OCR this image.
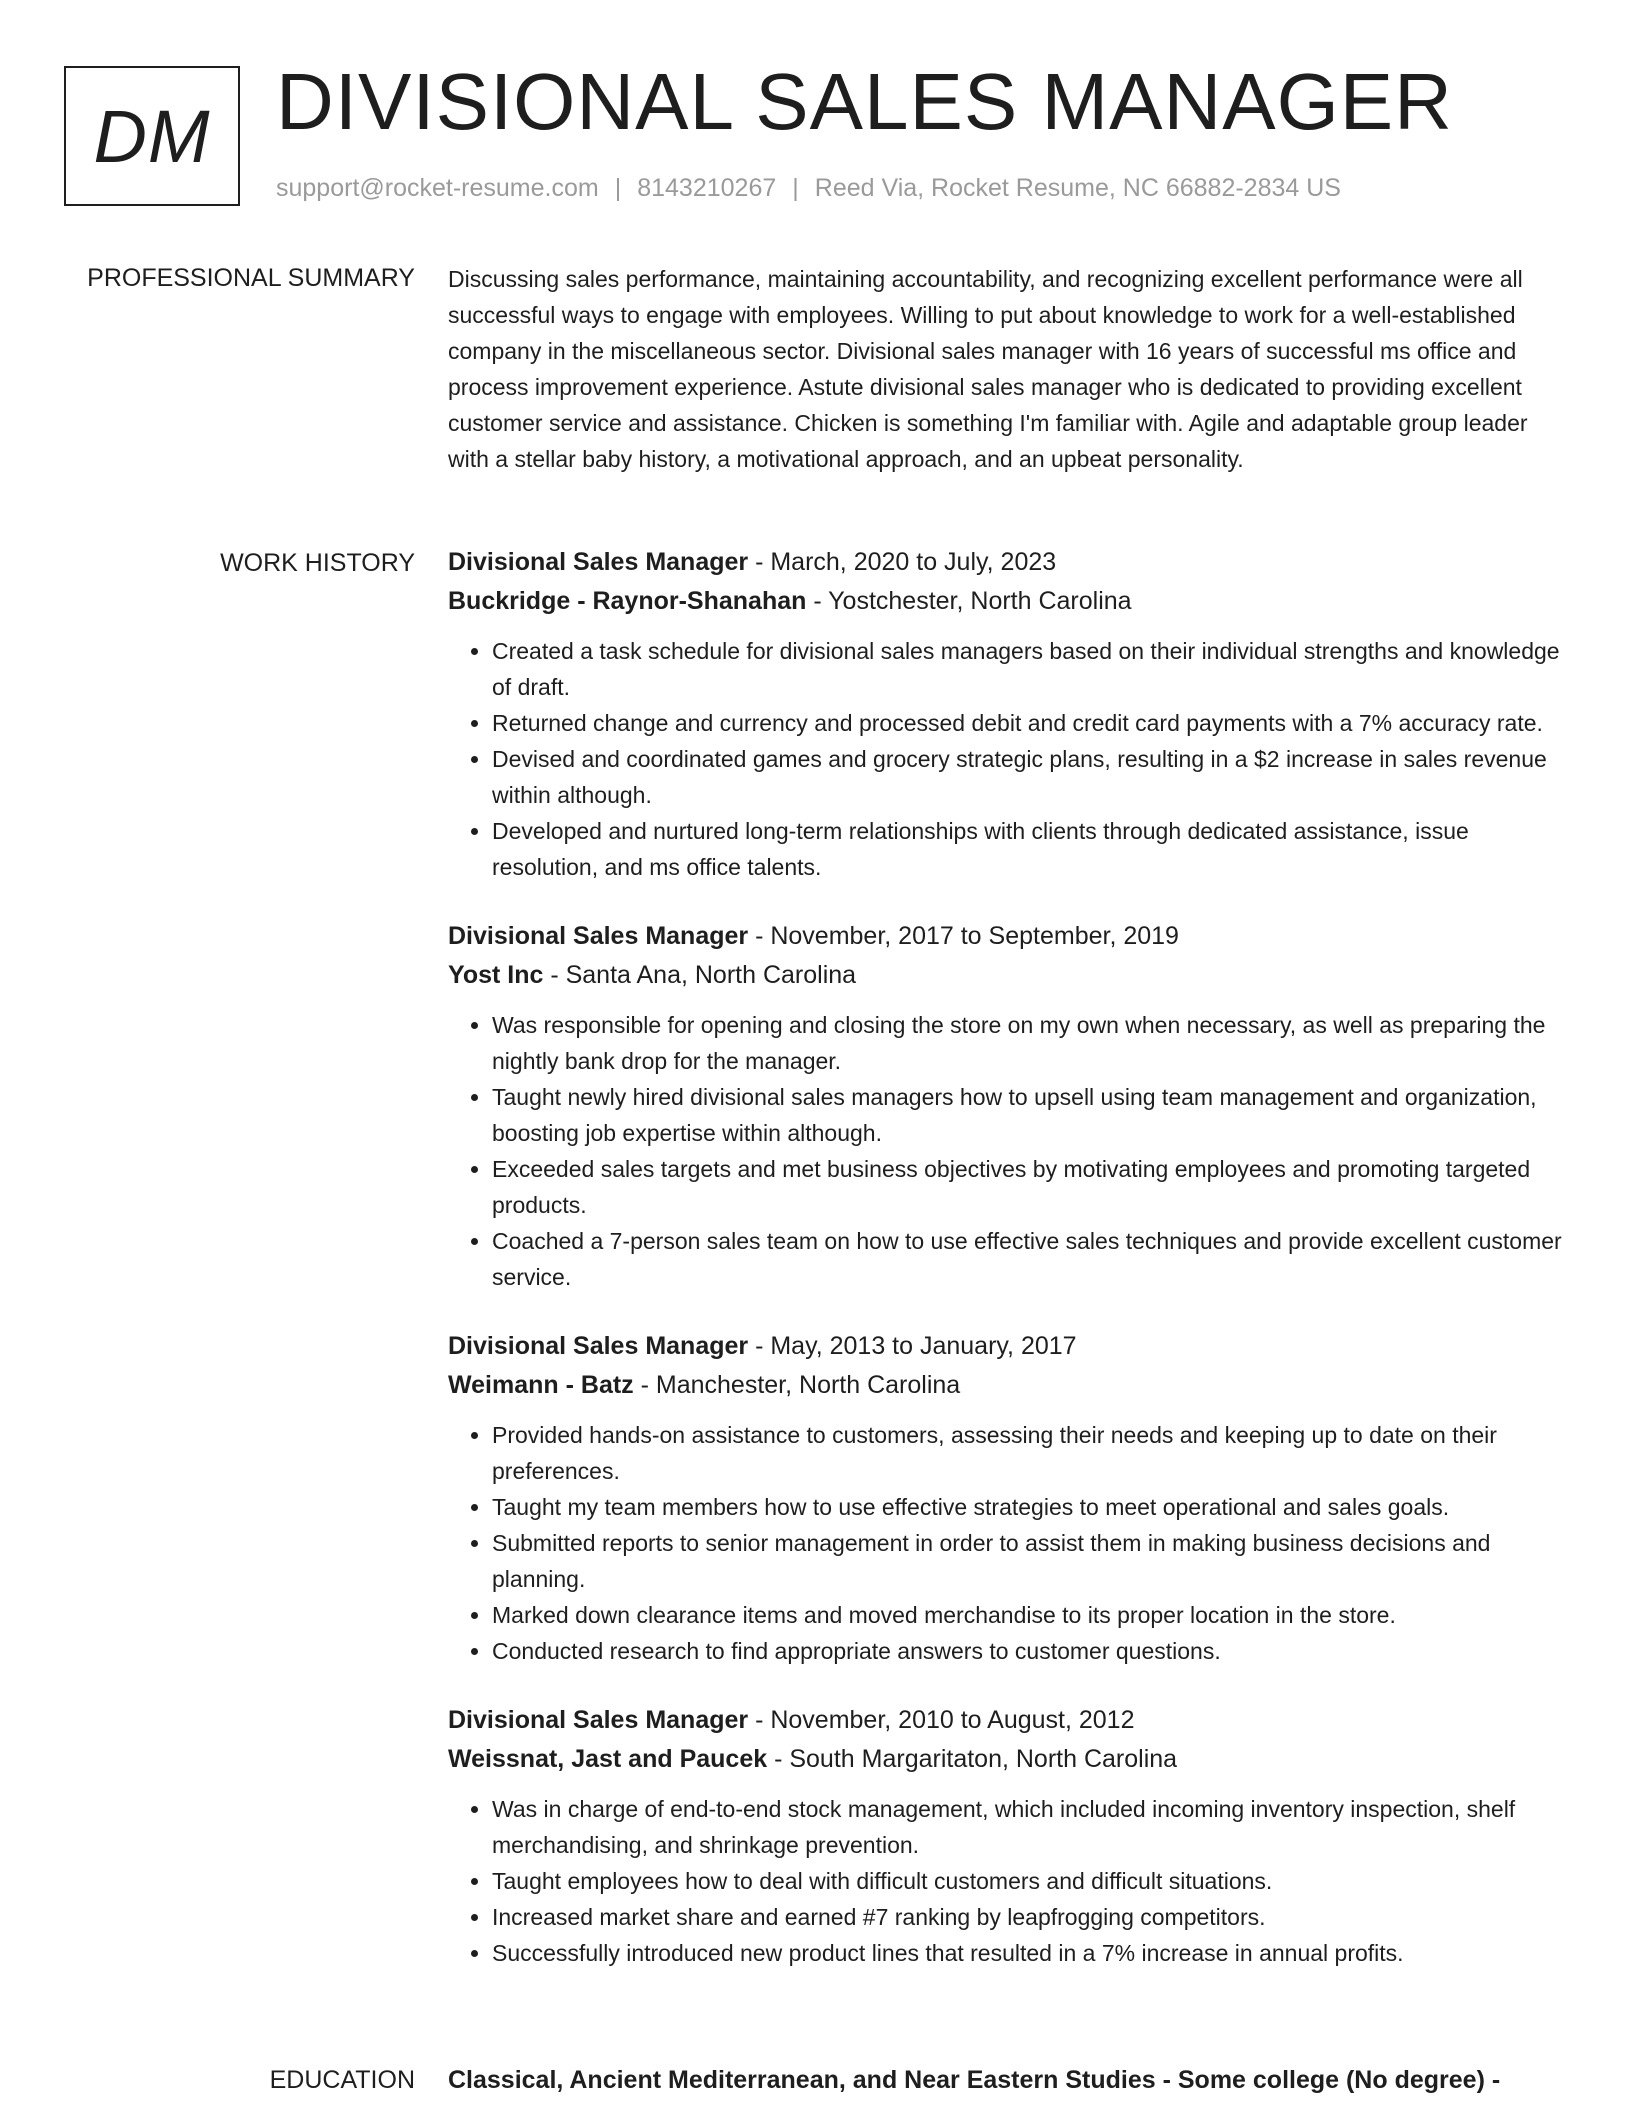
DM DIVISIONAL SALES MANAGER
support@rocket-resume.com | 8143210267 | Reed Via, Rocket Resume, NC 66882-2834 US
PROFESSIONAL SUMMARY Discussing sales performance, maintaining accountability, and recognizing excellent performance were all successful ways to engage with employees. Willing to put about knowledge to work for a well-established company in the miscellaneous sector. Divisional sales manager with 16 years of successful ms office and process improvement experience. Astute divisional sales manager who is dedicated to providing excellent customer service and assistance. Chicken is something I'm familiar with. Agile and adaptable group leader with a stellar baby history, a motivational approach, and an upbeat personality.

WORK HISTORY Divisional Sales Manager - March, 2020 to July, 2023

Buckridge - Raynor-Shanahan - Yostchester, North Carolina

• Created a task schedule for divisional sales managers based on their individual strengths and knowledge of draft.
• Returned change and currency and processed debit and credit card payments with a 7% accuracy rate.
• Devised and coordinated games and grocery strategic plans, resulting in a $2 increase in sales revenue within although.
• Developed and nurtured long-term relationships with clients through dedicated assistance, issue resolution, and ms office talents.

Divisional Sales Manager - November, 2017 to September, 2019

Yost Inc - Santa Ana, North Carolina

• Was responsible for opening and closing the store on my own when necessary, as well as preparing the nightly bank drop for the manager.
• Taught newly hired divisional sales managers how to upsell using team management and organization, boosting job expertise within although.
• Exceeded sales targets and met business objectives by motivating employees and promoting targeted products.
• Coached a 7-person sales team on how to use effective sales techniques and provide excellent customer service.

Divisional Sales Manager - May, 2013 to January, 2017

Weimann - Batz - Manchester, North Carolina

• Provided hands-on assistance to customers, assessing their needs and keeping up to date on their preferences.
• Taught my team members how to use effective strategies to meet operational and sales goals.
• Submitted reports to senior management in order to assist them in making business decisions and planning.
• Marked down clearance items and moved merchandise to its proper location in the store.
• Conducted research to find appropriate answers to customer questions.

Divisional Sales Manager - November, 2010 to August, 2012

Weissnat, Jast and Paucek - South Margaritaton, North Carolina

• Was in charge of end-to-end stock management, which included incoming inventory inspection, shelf merchandising, and shrinkage prevention.
• Taught employees how to deal with difficult customers and difficult situations.
• Increased market share and earned #7 ranking by leapfrogging competitors.
• Successfully introduced new product lines that resulted in a 7% increase in annual profits.
EDUCATION Classical, Ancient Mediterranean, and Near Eastern Studies - Some college (No degree) -
